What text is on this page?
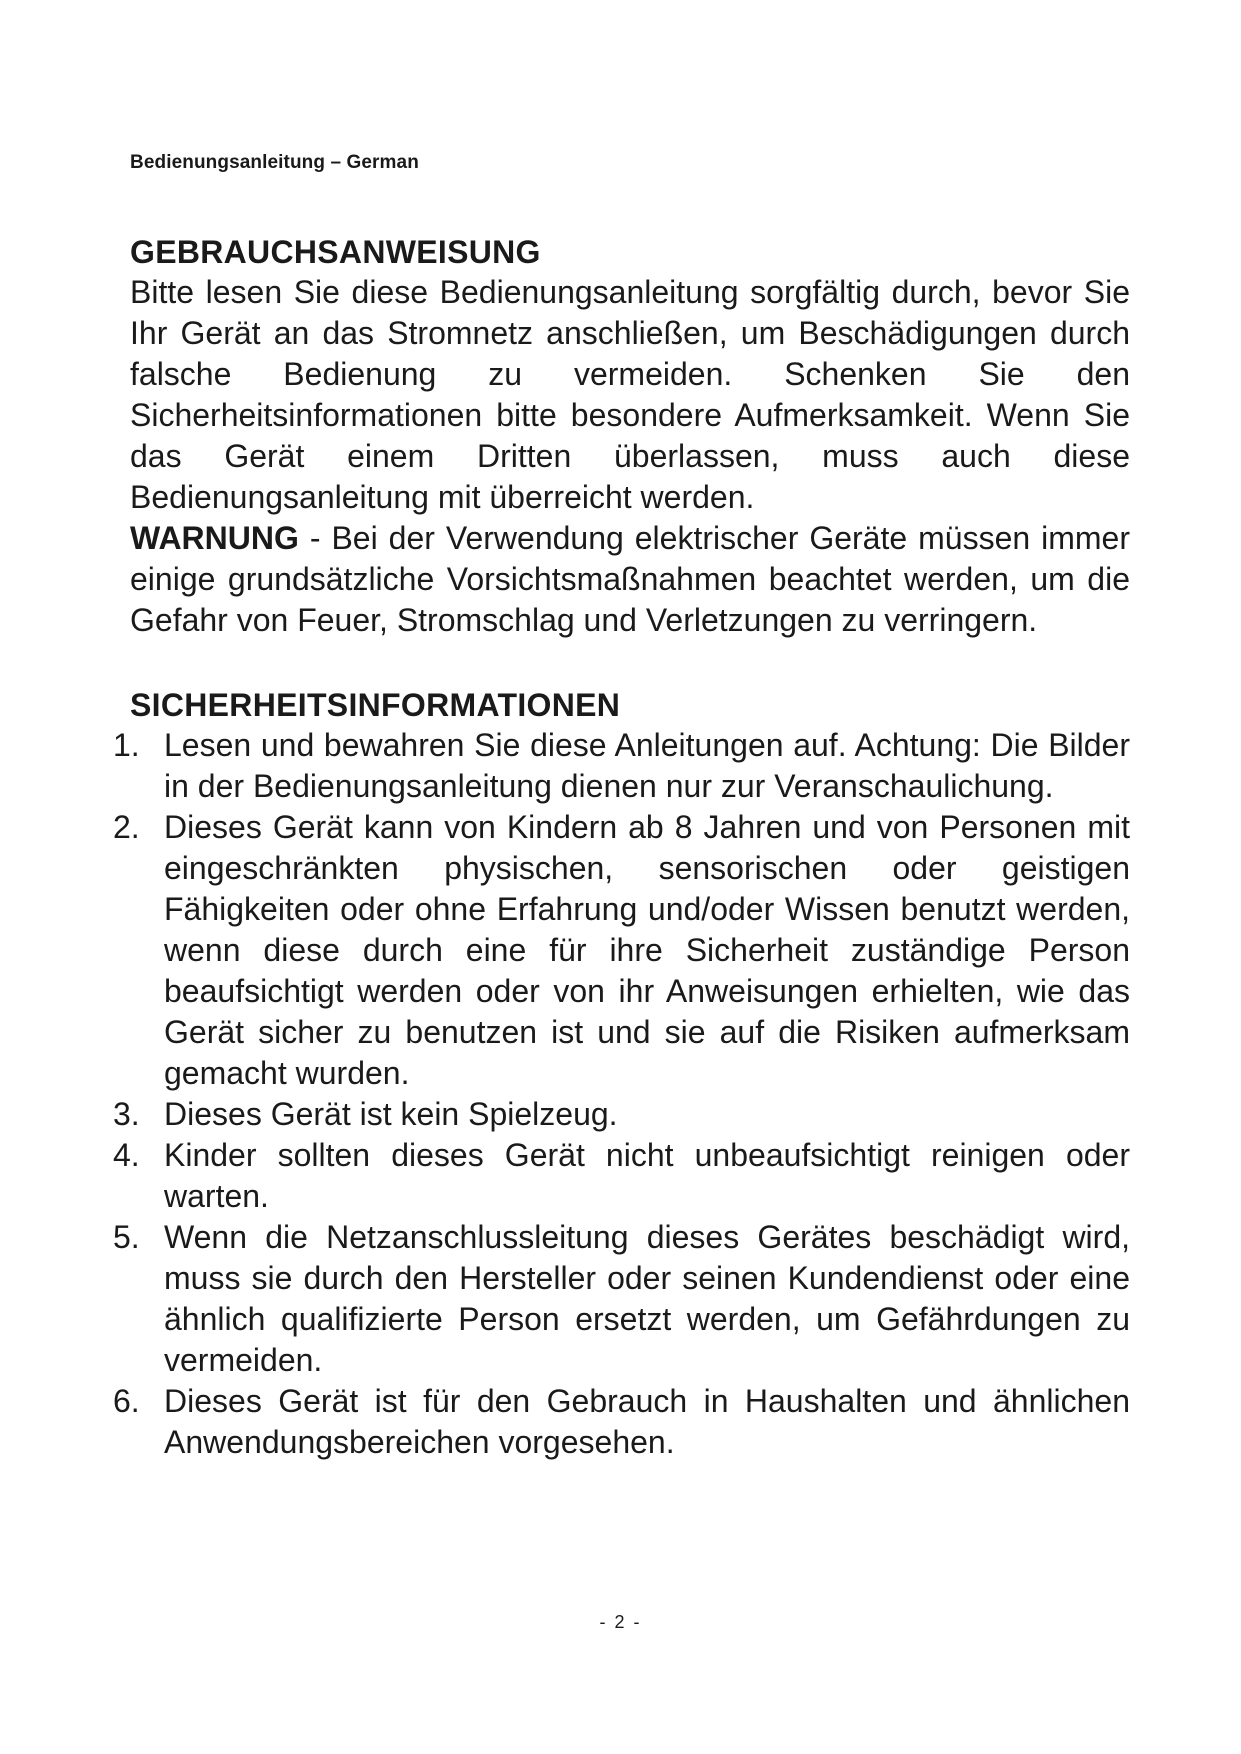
Bedienungsanleitung – German
GEBRAUCHSANWEISUNG

Bitte lesen Sie diese Bedienungsanleitung sorgfältig durch, bevor Sie Ihr Gerät an das Stromnetz anschließen, um Beschädigungen durch falsche Bedienung zu vermeiden. Schenken Sie den Sicherheitsinformationen bitte besondere Aufmerksamkeit. Wenn Sie das Gerät einem Dritten überlassen, muss auch diese Bedienungsanleitung mit überreicht werden.

WARNUNG - Bei der Verwendung elektrischer Geräte müssen immer einige grundsätzliche Vorsichtsmaßnahmen beachtet werden, um die Gefahr von Feuer, Stromschlag und Verletzungen zu verringern.

SICHERHEITSINFORMATIONEN
1. Lesen und bewahren Sie diese Anleitungen auf. Achtung: Die Bilder in der Bedienungsanleitung dienen nur zur Veranschaulichung.
2. Dieses Gerät kann von Kindern ab 8 Jahren und von Personen mit eingeschränkten physischen, sensorischen oder geistigen Fähigkeiten oder ohne Erfahrung und/oder Wissen benutzt werden, wenn diese durch eine für ihre Sicherheit zuständige Person beaufsichtigt werden oder von ihr Anweisungen erhielten, wie das Gerät sicher zu benutzen ist und sie auf die Risiken aufmerksam gemacht wurden.
3. Dieses Gerät ist kein Spielzeug.
4. Kinder sollten dieses Gerät nicht unbeaufsichtigt reinigen oder warten.
5. Wenn die Netzanschlussleitung dieses Gerätes beschädigt wird, muss sie durch den Hersteller oder seinen Kundendienst oder eine ähnlich qualifizierte Person ersetzt werden, um Gefährdungen zu vermeiden.
6. Dieses Gerät ist für den Gebrauch in Haushalten und ähnlichen Anwendungsbereichen vorgesehen.
- 2 -
